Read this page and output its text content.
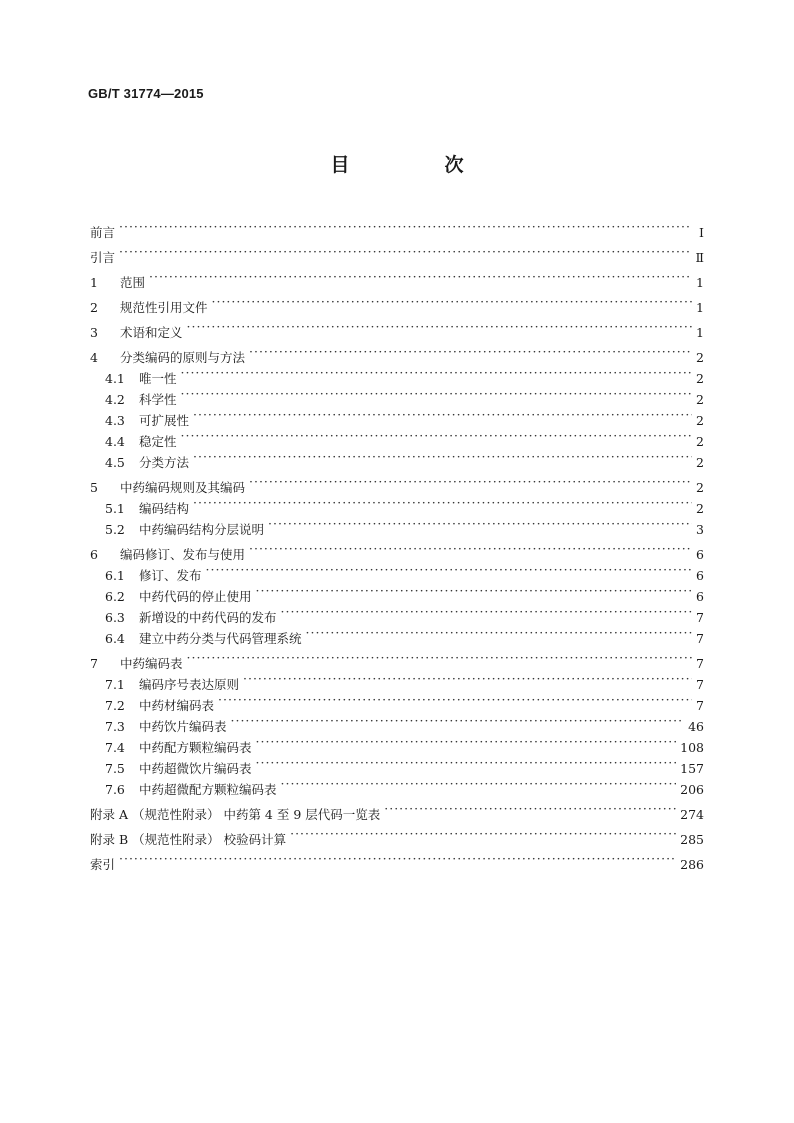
GB/T 31774—2015
目　次
前言 ·····	Ⅰ
引言 ·····	Ⅱ
1	范围 ·····	1
2	规范性引用文件 ·····	1
3	术语和定义 ·····	1
4	分类编码的原则与方法 ·····	2
4.1	唯一性 ·····	2
4.2	科学性 ·····	2
4.3	可扩展性 ·····	2
4.4	稳定性 ·····	2
4.5	分类方法 ·····	2
5	中药编码规则及其编码 ·····	2
5.1	编码结构 ·····	2
5.2	中药编码结构分层说明 ·····	3
6	编码修订、发布与使用 ·····	6
6.1	修订、发布 ·····	6
6.2	中药代码的停止使用 ·····	6
6.3	新增设的中药代码的发布 ·····	7
6.4	建立中药分类与代码管理系统 ·····	7
7	中药编码表 ·····	7
7.1	编码序号表达原则 ·····	7
7.2	中药材编码表 ·····	7
7.3	中药饮片编码表 ·····	46
7.4	中药配方颗粒编码表 ·····	108
7.5	中药超微饮片编码表 ·····	157
7.6	中药超微配方颗粒编码表 ·····	206
附录 A （规范性附录） 中药第 4 至 9 层代码一览表 ·····	274
附录 B （规范性附录） 校验码计算 ·····	285
索引 ·····	286
